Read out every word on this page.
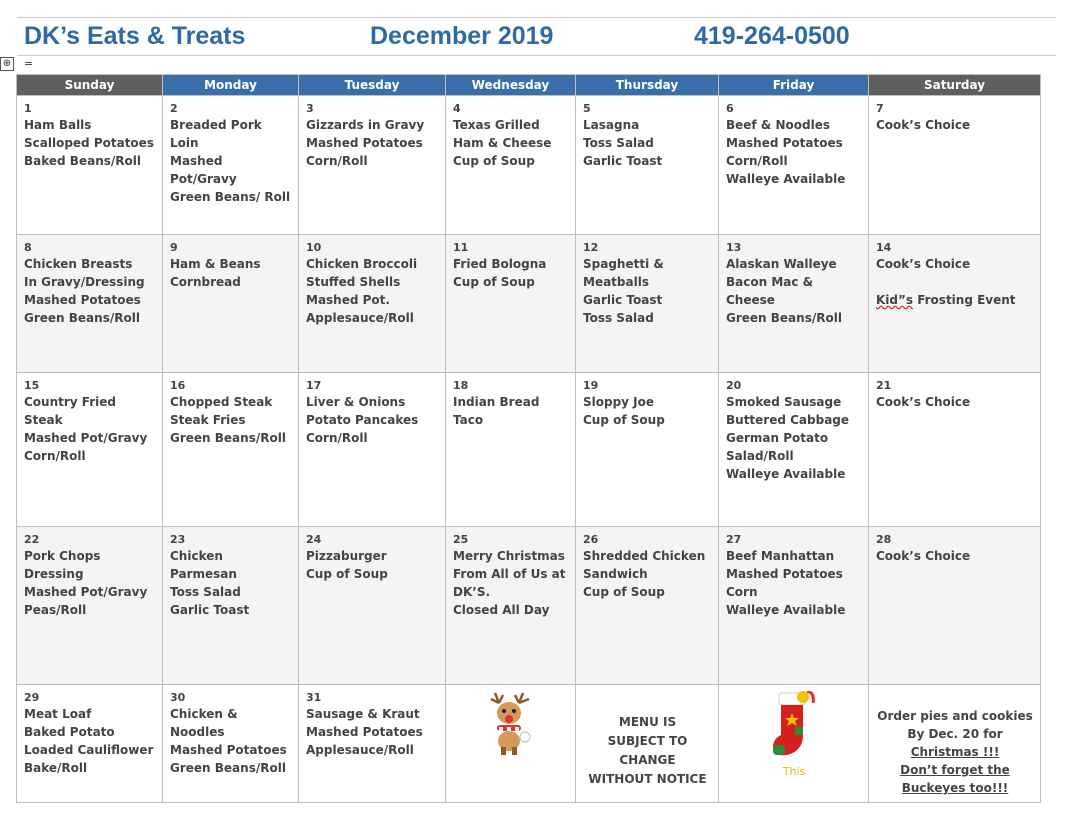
DK’s Eats & Treats	December 2019	419-264-0500
⊕ =
Sunday	Monday	Tuesday	Wednesday	Thursday	Friday	Saturday

1
Ham Balls
Scalloped Potatoes
Baked Beans/Roll	2
Breaded Pork Loin
Mashed Pot/Gravy
Green Beans/ Roll	3
Gizzards in Gravy
Mashed Potatoes
Corn/Roll	4
Texas Grilled Ham & Cheese
Cup of Soup	5
Lasagna
Toss Salad
Garlic Toast	6
Beef & Noodles
Mashed Potatoes
Corn/Roll
Walleye Available	7
Cook’s Choice

8
Chicken Breasts
In Gravy/Dressing
Mashed Potatoes
Green Beans/Roll	9
Ham & Beans
Cornbread	10
Chicken Broccoli
Stuffed Shells
Mashed Pot.
Applesauce/Roll	11
Fried Bologna
Cup of Soup	12
Spaghetti & Meatballs
Garlic Toast
Toss Salad	13
Alaskan Walleye
Bacon Mac & Cheese
Green Beans/Roll	14
Cook’s Choice

Kid”s Frosting Event

15
Country Fried Steak
Mashed Pot/Gravy
Corn/Roll	16
Chopped Steak
Steak Fries
Green Beans/Roll	17
Liver & Onions
Potato Pancakes
Corn/Roll	18
Indian Bread Taco	19
Sloppy Joe
Cup of Soup	20
Smoked Sausage
Buttered Cabbage
German Potato Salad/Roll
Walleye Available	21
Cook’s Choice

22
Pork Chops
Dressing
Mashed Pot/Gravy
Peas/Roll	23
Chicken Parmesan
Toss Salad
Garlic Toast	24
Pizzaburger
Cup of Soup	25
Merry Christmas
From All of Us at DK’S.
Closed All Day	26
Shredded Chicken Sandwich
Cup of Soup	27
Beef Manhattan
Mashed Potatoes
Corn
Walleye Available	28
Cook’s Choice

29
Meat Loaf
Baked Potato
Loaded Cauliflower Bake/Roll	30
Chicken & Noodles
Mashed Potatoes
Green Beans/Roll	31
Sausage & Kraut
Mashed Potatoes
Applesauce/Roll		MENU IS
SUBJECT TO
CHANGE
WITHOUT NOTICE	This	Order pies and cookies
By Dec. 20 for
Christmas !!!
Don’t forget the
Buckeyes too!!!
